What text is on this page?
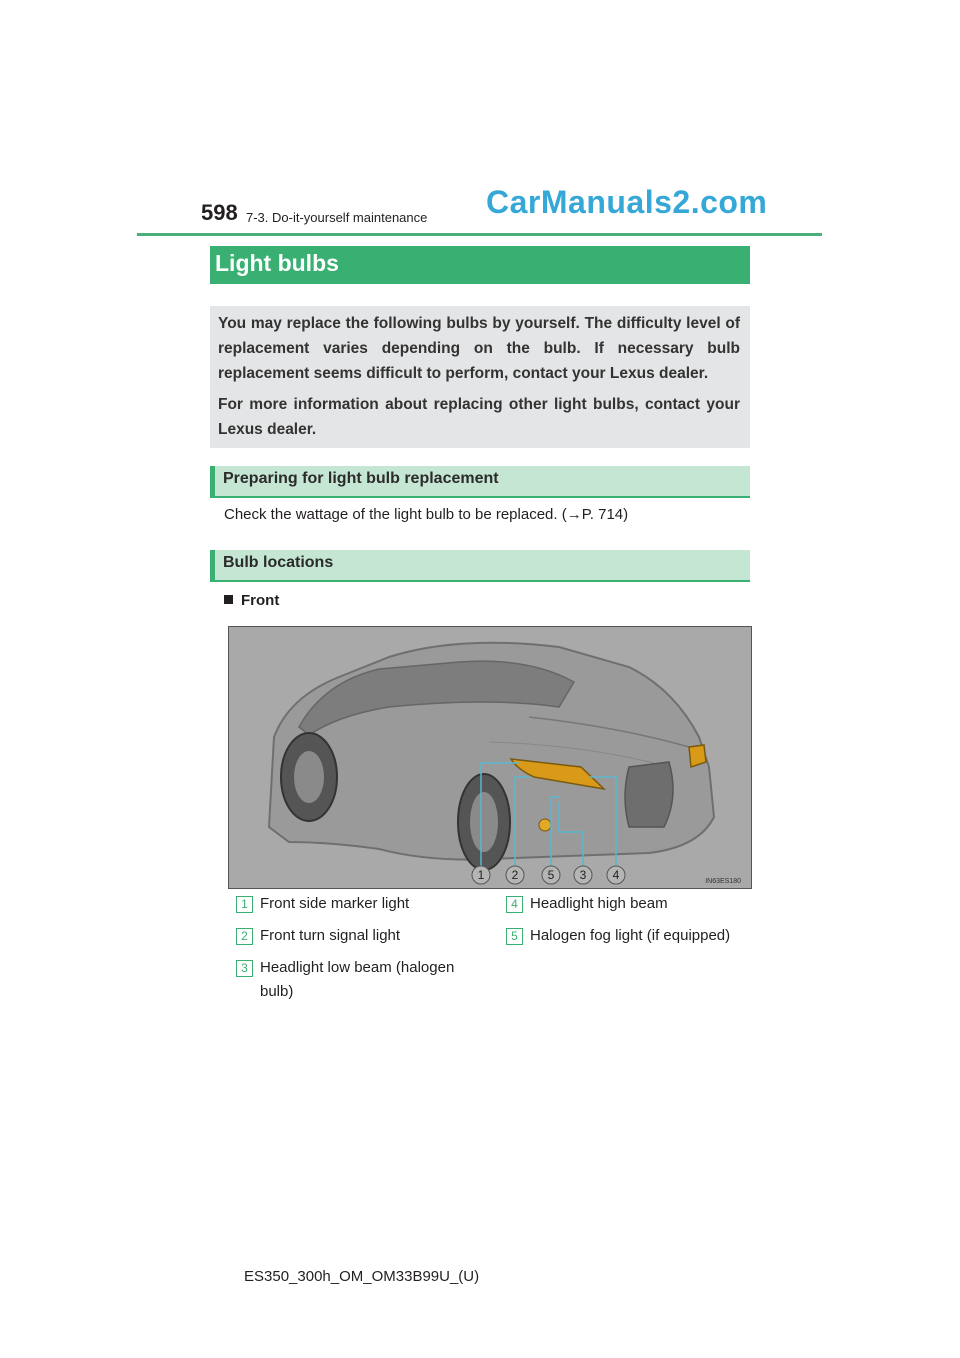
598 7-3. Do-it-yourself maintenance CarManuals2.com
Light bulbs
You may replace the following bulbs by yourself. The difficulty level of replacement varies depending on the bulb. If necessary bulb replacement seems difficult to perform, contact your Lexus dealer.
For more information about replacing other light bulbs, contact your Lexus dealer.
Preparing for light bulb replacement
Check the wattage of the light bulb to be replaced. (→P. 714)
Bulb locations
Front
1 2 5 3 4	IN63ES180
1 Front side marker light
2 Front turn signal light
3 Headlight low beam (halogen bulb)
4 Headlight high beam
5 Halogen fog light (if equipped)
ES350_300h_OM_OM33B99U_(U)
